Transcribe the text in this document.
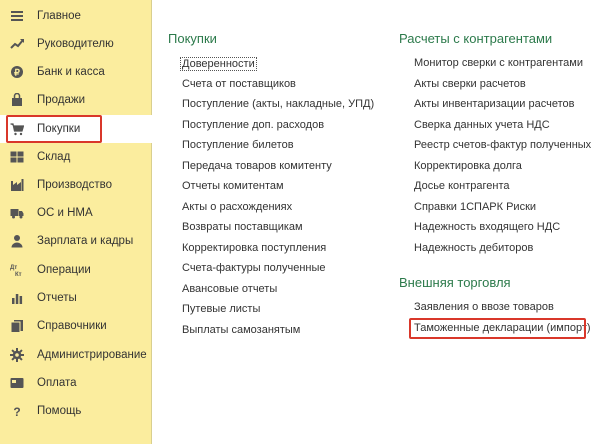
Главное
Руководителю
₽ Банк и касса
Продажи
Покупки
Склад
Производство
ОС и НМА
Зарплата и кадры
Дт
Кт Операции
Отчеты
Справочники
Администрирование
Оплата
? Помощь
Покупки
Доверенности
Счета от поставщиков
Поступление (акты, накладные, УПД)
Поступление доп. расходов
Поступление билетов
Передача товаров комитенту
Отчеты комитентам
Акты о расхождениях
Возвраты поставщикам
Корректировка поступления
Счета-фактуры полученные
Авансовые отчеты
Путевые листы
Выплаты самозанятым
Расчеты с контрагентами
Монитор сверки с контрагентами
Акты сверки расчетов
Акты инвентаризации расчетов
Сверка данных учета НДС
Реестр счетов-фактур полученных
Корректировка долга
Досье контрагента
Справки 1СПАРК Риски
Надежность входящего НДС
Надежность дебиторов
Внешняя торговля
Заявления о ввозе товаров
Таможенные декларации (импорт)
